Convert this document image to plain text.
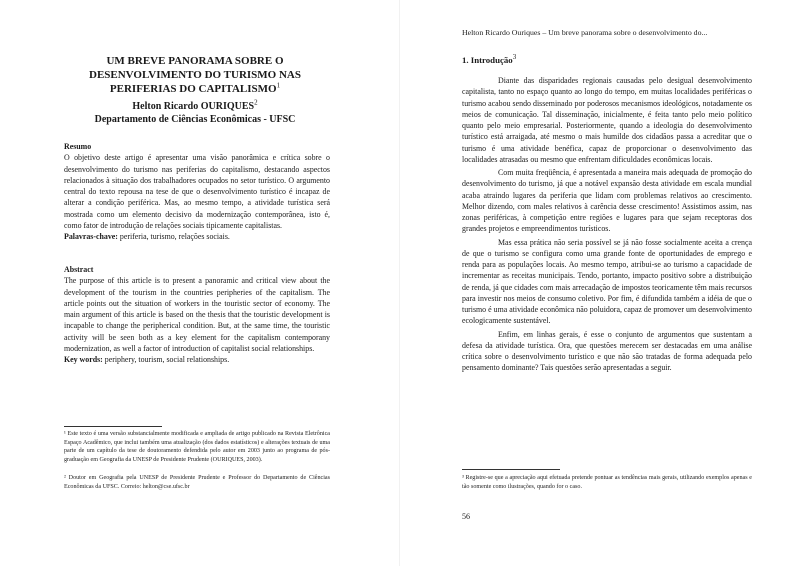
UM BREVE PANORAMA SOBRE O DESENVOLVIMENTO DO TURISMO NAS PERIFERIAS DO CAPITALISMO$^1$
Helton Ricardo OURIQUES$^2$
Departamento de Ciências Econômicas - UFSC
Resumo
O objetivo deste artigo é apresentar uma visão panorâmica e crítica sobre o desenvolvimento do turismo nas periferias do capitalismo, destacando aspectos relacionados à situação dos trabalhadores ocupados no setor turístico. O argumento central do texto repousa na tese de que o desenvolvimento turístico é incapaz de alterar a condição periférica. Mas, ao mesmo tempo, a atividade turística será mostrada como um elemento decisivo da modernização contemporânea, isto é, como fator de introdução de relações sociais tipicamente capitalistas.
Palavras-chave: periferia, turismo, relações sociais.
Abstract
The purpose of this article is to present a panoramic and critical view about the development of the tourism in the countries peripheries of the capitalism. The article points out the situation of workers in the touristic sector of economy. The main argument of this article is based on the thesis that the touristic development is incapable to change the peripherical condition. But, at the same time, the touristic activity will be seen both as a key element for the capitalism contemporany modernization, as well a factor of introduction of capitalist social relationships.
Key words: periphery, tourism, social relationships.
¹ Este texto é uma versão substancialmente modificada e ampliada de artigo publicado na Revista Eletrônica Espaço Acadêmico, que inclui também uma atualização (dos dados estatísticos) e alterações textuais de uma parte de um capítulo da tese de doutoramento defendida pelo autor em 2003 junto ao programa de pós-graduação em Geografia da UNESP de Presidente Prudente (OURIQUES, 2003).
² Doutor em Geografia pela UNESP de Presidente Prudente e Professor do Departamento de Ciências Econômicas da UFSC. Correio: helton@cse.ufsc.br
Helton Ricardo Ouriques – Um breve panorama sobre o desenvolvimento do...
1. Introdução$^3$

Diante das disparidades regionais causadas pelo desigual desenvolvimento capitalista, tanto no espaço quanto ao longo do tempo, em muitas localidades periféricas o turismo acabou sendo disseminado por poderosos mecanismos ideológicos, notadamente os meios de comunicação. Tal disseminação, inicialmente, é feita tanto pelo meio político quanto pelo meio empresarial. Posteriormente, quando a ideologia do desenvolvimento turístico está arraigada, até mesmo o mais humilde dos cidadãos passa a acreditar que o turismo é uma atividade benéfica, capaz de proporcionar o desenvolvimento das localidades atrasadas ou mesmo que enfrentam dificuldades econômicas locais.

Com muita freqüência, é apresentada a maneira mais adequada de promoção do desenvolvimento do turismo, já que a notável expansão desta atividade em escala mundial acaba atraindo lugares da periferia que lidam com problemas relativos ao crescimento. Melhor dizendo, com males relativos à carência desse crescimento! Assistimos assim, nas zonas periféricas, à competição entre regiões e lugares para que sejam receptoras dos grandes projetos e empreendimentos turísticos.

Mas essa prática não seria possível se já não fosse socialmente aceita a crença de que o turismo se configura como uma grande fonte de oportunidades de emprego e renda para as populações locais. Ao mesmo tempo, atribui-se ao turismo a capacidade de incrementar as receitas municipais. Tendo, portanto, impacto positivo sobre a distribuição de renda, já que cidades com mais arrecadação de impostos teoricamente têm mais recursos para investir nos meios de consumo coletivo. Por fim, é difundida também a idéia de que o turismo é uma atividade econômica não poluidora, capaz de promover um desenvolvimento ecologicamente sustentável.

Enfim, em linhas gerais, é esse o conjunto de argumentos que sustentam a defesa da atividade turística. Ora, que questões merecem ser destacadas em uma análise crítica sobre o desenvolvimento turístico e que não são tratadas de forma adequada pelo pensamento dominante? Tais questões serão apresentadas a seguir.

³ Registre-se que a apreciação aqui efetuada pretende pontuar as tendências mais gerais, utilizando exemplos apenas e tão somente como ilustrações, quando for o caso.
56
